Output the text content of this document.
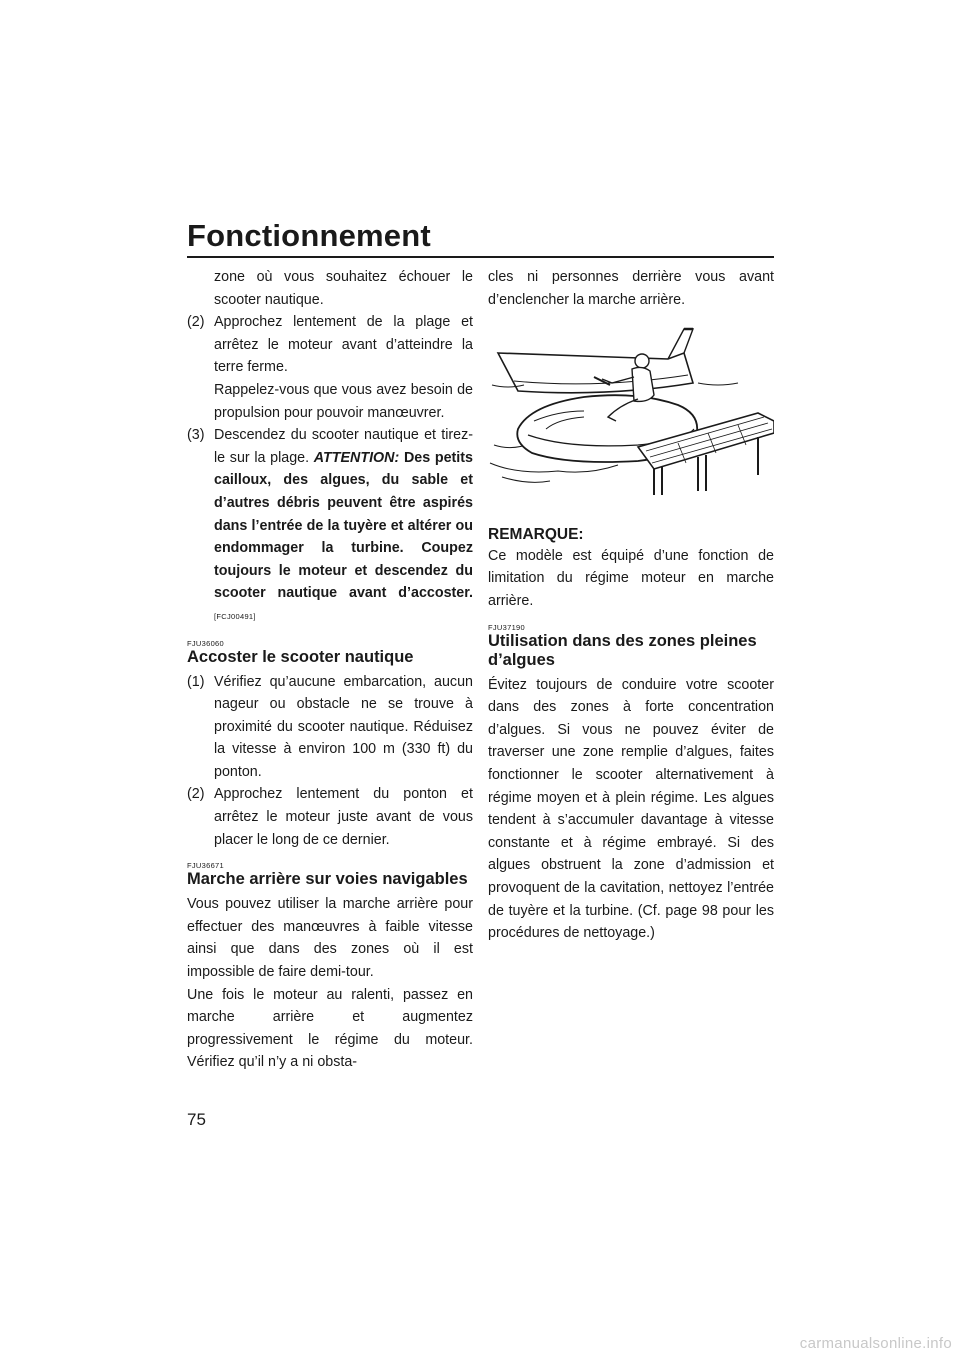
Fonctionnement

zone où vous souhaitez échouer le scooter nautique.

(2) Approchez lentement de la plage et arrêtez le moteur avant d’atteindre la terre ferme.

Rappelez-vous que vous avez besoin de propulsion pour pouvoir manœuvrer.

(3) Descendez du scooter nautique et tirez-le sur la plage. ATTENTION: Des petits cailloux, des algues, du sable et d’autres débris peuvent être aspirés dans l’entrée de la tuyère et altérer ou endommager la turbine. Coupez toujours le moteur et descendez du scooter nautique avant d’accoster. [FCJ00491]
FJU36060
Accoster le scooter nautique
(1) Vérifiez qu’aucune embarcation, aucun nageur ou obstacle ne se trouve à proximité du scooter nautique. Réduisez la vitesse à environ 100 m (330 ft) du ponton.
(2) Approchez lentement du ponton et arrêtez le moteur juste avant de vous placer le long de ce dernier.
FJU36671
Marche arrière sur voies navigables

Vous pouvez utiliser la marche arrière pour effectuer des manœuvres à faible vitesse ainsi que dans des zones où il est impossible de faire demi-tour.

Une fois le moteur au ralenti, passez en marche arrière et augmentez progressivement le régime du moteur. Vérifiez qu’il n’y a ni obsta-

cles ni personnes derrière vous avant d’enclencher la marche arrière.

REMARQUE:

Ce modèle est équipé d’une fonction de limitation du régime moteur en marche arrière.

FJU37190
Utilisation dans des zones pleines d’algues

Évitez toujours de conduire votre scooter dans des zones à forte concentration d’algues. Si vous ne pouvez éviter de traverser une zone remplie d’algues, faites fonctionner le scooter alternativement à régime moyen et à plein régime. Les algues tendent à s’accumuler davantage à vitesse constante et à régime embrayé. Si des algues obstruent la zone d’admission et provoquent de la cavitation, nettoyez l’entrée de tuyère et la turbine. (Cf. page 98 pour les procédures de nettoyage.)

75
carmanualsonline.info
